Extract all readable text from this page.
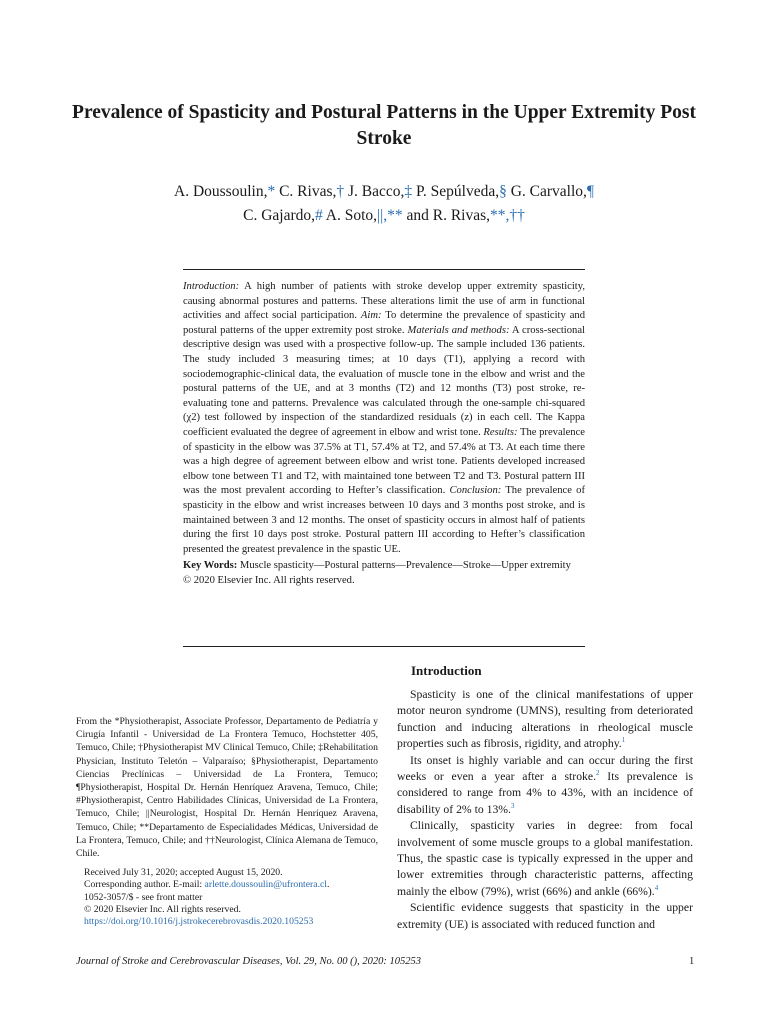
Prevalence of Spasticity and Postural Patterns in the Upper Extremity Post Stroke
A. Doussoulin,* C. Rivas,† J. Bacco,‡ P. Sepúlveda,§ G. Carvallo,¶
C. Gajardo,# A. Soto,||,** and R. Rivas,**,††

Introduction: A high number of patients with stroke develop upper extremity spasticity, causing abnormal postures and patterns. These alterations limit the use of arm in functional activities and affect social participation. Aim: To determine the prevalence of spasticity and postural patterns of the upper extremity post stroke. Materials and methods: A cross-sectional descriptive design was used with a prospective follow-up. The sample included 136 patients. The study included 3 measuring times; at 10 days (T1), applying a record with sociodemographic-clinical data, the evaluation of muscle tone in the elbow and wrist and the postural patterns of the UE, and at 3 months (T2) and 12 months (T3) post stroke, re-evaluating tone and patterns. Prevalence was calculated through the one-sample chi-squared (χ2) test followed by inspection of the standardized residuals (z) in each cell. The Kappa coefficient evaluated the degree of agreement in elbow and wrist tone. Results: The prevalence of spasticity in the elbow was 37.5% at T1, 57.4% at T2, and 57.4% at T3. At each time there was a high degree of agreement between elbow and wrist tone. Patients developed increased elbow tone between T1 and T2, with maintained tone between T2 and T3. Postural pattern III was the most prevalent according to Hefter’s classification. Conclusion: The prevalence of spasticity in the elbow and wrist increases between 10 days and 3 months post stroke, and is maintained between 3 and 12 months. The onset of spasticity occurs in almost half of patients during the first 10 days post stroke. Postural pattern III according to Hefter’s classification presented the greatest prevalence in the spastic UE.

Key Words: Muscle spasticity—Postural patterns—Prevalence—Stroke—Upper extremity

© 2020 Elsevier Inc. All rights reserved.

From the *Physiotherapist, Associate Professor, Departamento de Pediatría y Cirugía Infantil - Universidad de La Frontera Temuco, Hochstetter 405, Temuco, Chile; †Physiotherapist MV Clinical Temuco, Chile; ‡Rehabilitation Physician, Instituto Teletón – Valparaíso; §Physiotherapist, Departamento Ciencias Preclínicas – Universidad de La Frontera, Temuco; ¶Physiotherapist, Hospital Dr. Hernán Henríquez Aravena, Temuco, Chile; #Physiotherapist, Centro Habilidades Clínicas, Universidad de La Frontera, Temuco, Chile; ||Neurologist, Hospital Dr. Hernán Henríquez Aravena, Temuco, Chile; **Departamento de Especialidades Médicas, Universidad de La Frontera, Temuco, Chile; and ††Neurologist, Clínica Alemana de Temuco, Chile.

Received July 31, 2020; accepted August 15, 2020.
Corresponding author. E-mail: arlette.doussoulin@ufrontera.cl.
1052-3057/$ - see front matter
© 2020 Elsevier Inc. All rights reserved.
https://doi.org/10.1016/j.jstrokecerebrovasdis.2020.105253
Introduction

Spasticity is one of the clinical manifestations of upper motor neuron syndrome (UMNS), resulting from deteriorated function and inducing alterations in rheological muscle properties such as fibrosis, rigidity, and atrophy.$^1$

Its onset is highly variable and can occur during the first weeks or even a year after a stroke.$^2$ Its prevalence is considered to range from 4% to 43%, with an incidence of disability of 2% to 13%.$^3$

Clinically, spasticity varies in degree: from focal involvement of some muscle groups to a global manifestation. Thus, the spastic case is typically expressed in the upper and lower extremities through characteristic patterns, affecting mainly the elbow (79%), wrist (66%) and ankle (66%).$^4$

Scientific evidence suggests that spasticity in the upper extremity (UE) is associated with reduced function and

Journal of Stroke and Cerebrovascular Diseases, Vol. 29, No. 00 (), 2020: 105253	1
